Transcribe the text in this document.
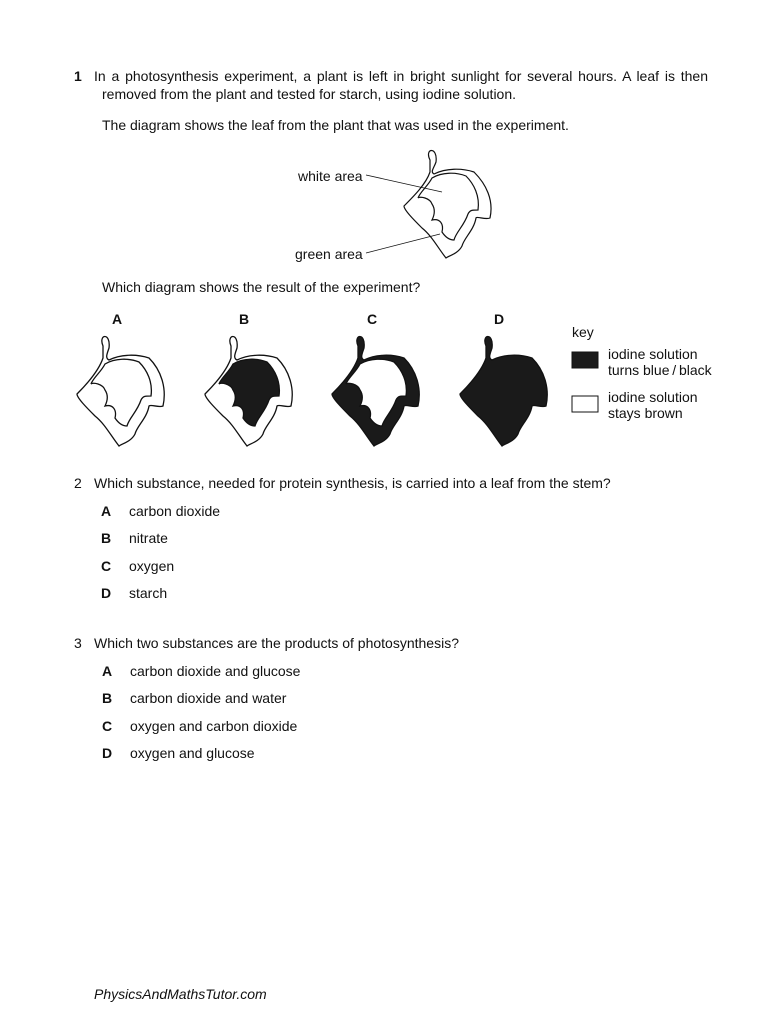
1 In a photosynthesis experiment, a plant is left in bright sunlight for several hours. A leaf is then
removed from the plant and tested for starch, using iodine solution.
The diagram shows the leaf from the plant that was used in the experiment.
white area
green area
Which diagram shows the result of the experiment?
A	B	C	D
key
iodine solution
turns blue / black
iodine solution
stays brown
2 Which substance, needed for protein synthesis, is carried into a leaf from the stem?
A carbon dioxide
B nitrate
C oxygen
D starch
3 Which two substances are the products of photosynthesis?
A carbon dioxide and glucose
B carbon dioxide and water
C oxygen and carbon dioxide
D oxygen and glucose
PhysicsAndMathsTutor.com
